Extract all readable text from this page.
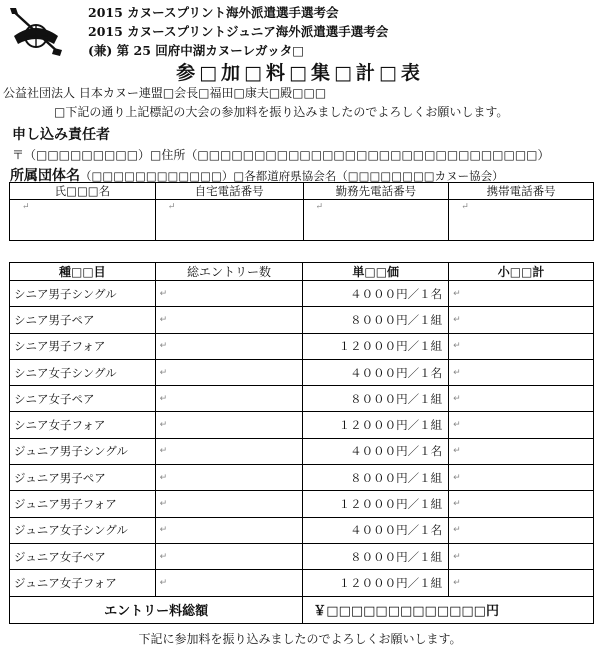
2015 カヌースプリント海外派遣選手選考会
2015 カヌースプリントジュニア海外派遣選手選考会
(兼) 第 25 回府中湖カヌーレガッタ□
参□加□料□集□計□表
公益社団法人 日本カヌー連盟□会長□福田□康夫□殿□□□
□下記の通り上記標記の大会の参加料を振り込みましたのでよろしくお願いします。
申し込み責任者
〒（□□□□□□□□□）□住所（□□□□□□□□□□□□□□□□□□□□□□□□□□□□□□）
所属団体名（□□□□□□□□□□□□）□各都道府県協会名（□□□□□□□□カヌー協会）
氏□□□名	自宅電話番号	勤務先電話番号	携帯電話番号
↵	↵	↵	↵
種□□目	総エントリー数	単□□価	小□□計
シニア男子シングル	↵	４０００円／１名	↵
シニア男子ペア	↵	８０００円／１組	↵
シニア男子フォア	↵	１２０００円／１組	↵
シニア女子シングル	↵	４０００円／１名	↵
シニア女子ペア	↵	８０００円／１組	↵
シニア女子フォア	↵	１２０００円／１組	↵
ジュニア男子シングル	↵	４０００円／１名	↵
ジュニア男子ペア	↵	８０００円／１組	↵
ジュニア男子フォア	↵	１２０００円／１組	↵
ジュニア女子シングル	↵	４０００円／１名	↵
ジュニア女子ペア	↵	８０００円／１組	↵
ジュニア女子フォア	↵	１２０００円／１組	↵
エントリー料総額		￥□□□□□□□□□□□□□円	
下記に参加料を振り込みましたのでよろしくお願いします。
